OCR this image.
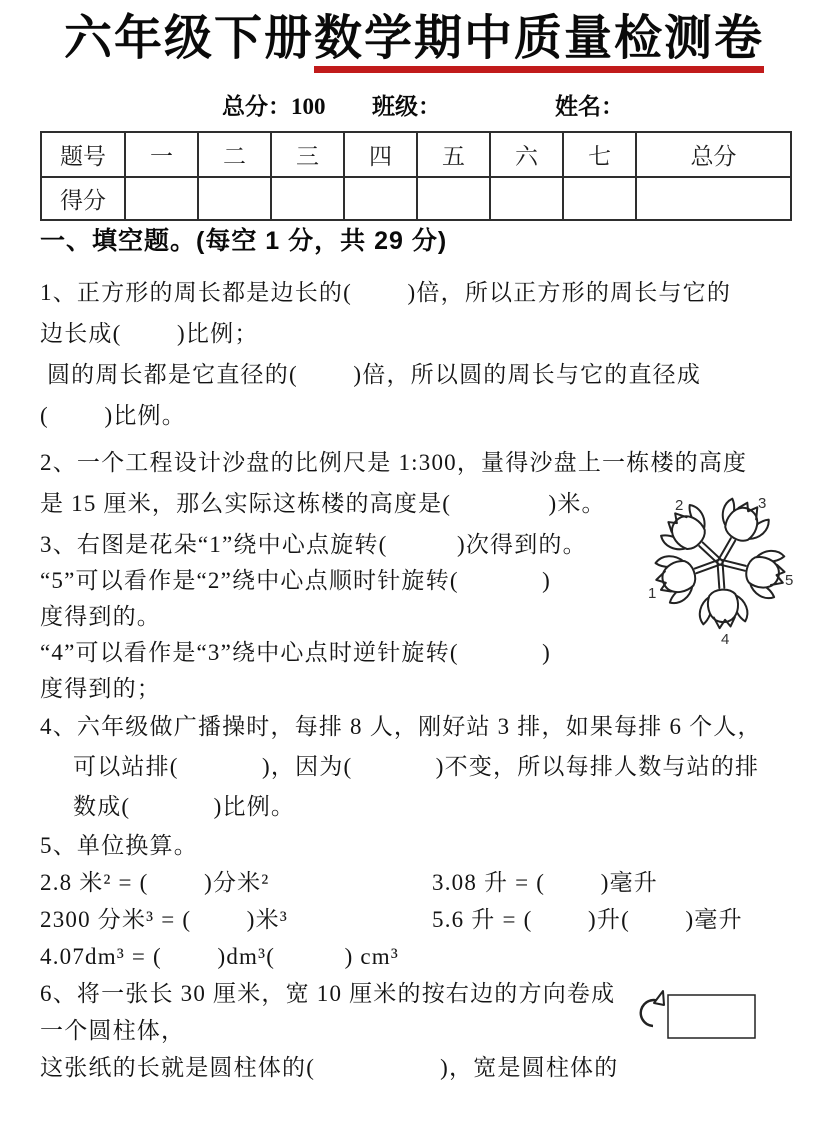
六年级下册数学期中质量检测卷
总分：100 班级：	姓名：
题号	一	二	三	四	五	六	七	总分
得分								
一、填空题。(每空 1 分，共 29 分)
1、正方形的周长都是边长的(        )倍，所以正方形的周长与它的
边长成(        )比例；
圆的周长都是它直径的(        )倍，所以圆的周长与它的直径成
(        )比例。
2、一个工程设计沙盘的比例尺是 1:300，量得沙盘上一栋楼的高度
是 15 厘米，那么实际这栋楼的高度是(              )米。
3、右图是花朵“1”绕中心点旋转(          )次得到的。
“5”可以看作是“2”绕中心点顺时针旋转(            )
度得到的。
“4”可以看作是“3”绕中心点时逆针旋转(            )
度得到的；
4、六年级做广播操时，每排 8 人，刚好站 3 排，如果每排 6 个人，
可以站排(            )，因为(            )不变，所以每排人数与站的排
数成(            )比例。
5、单位换算。
2.8 米² = (        )分米²	3.08 升 = (        )毫升
2300 分米³ = (        )米³	5.6 升 = (        )升(        )毫升
4.07dm³ = (        )dm³(          ) cm³
6、将一张长 30 厘米，宽 10 厘米的按右边的方向卷成
一个圆柱体，
这张纸的长就是圆柱体的(                  )，宽是圆柱体的
1
2	3
4
5
